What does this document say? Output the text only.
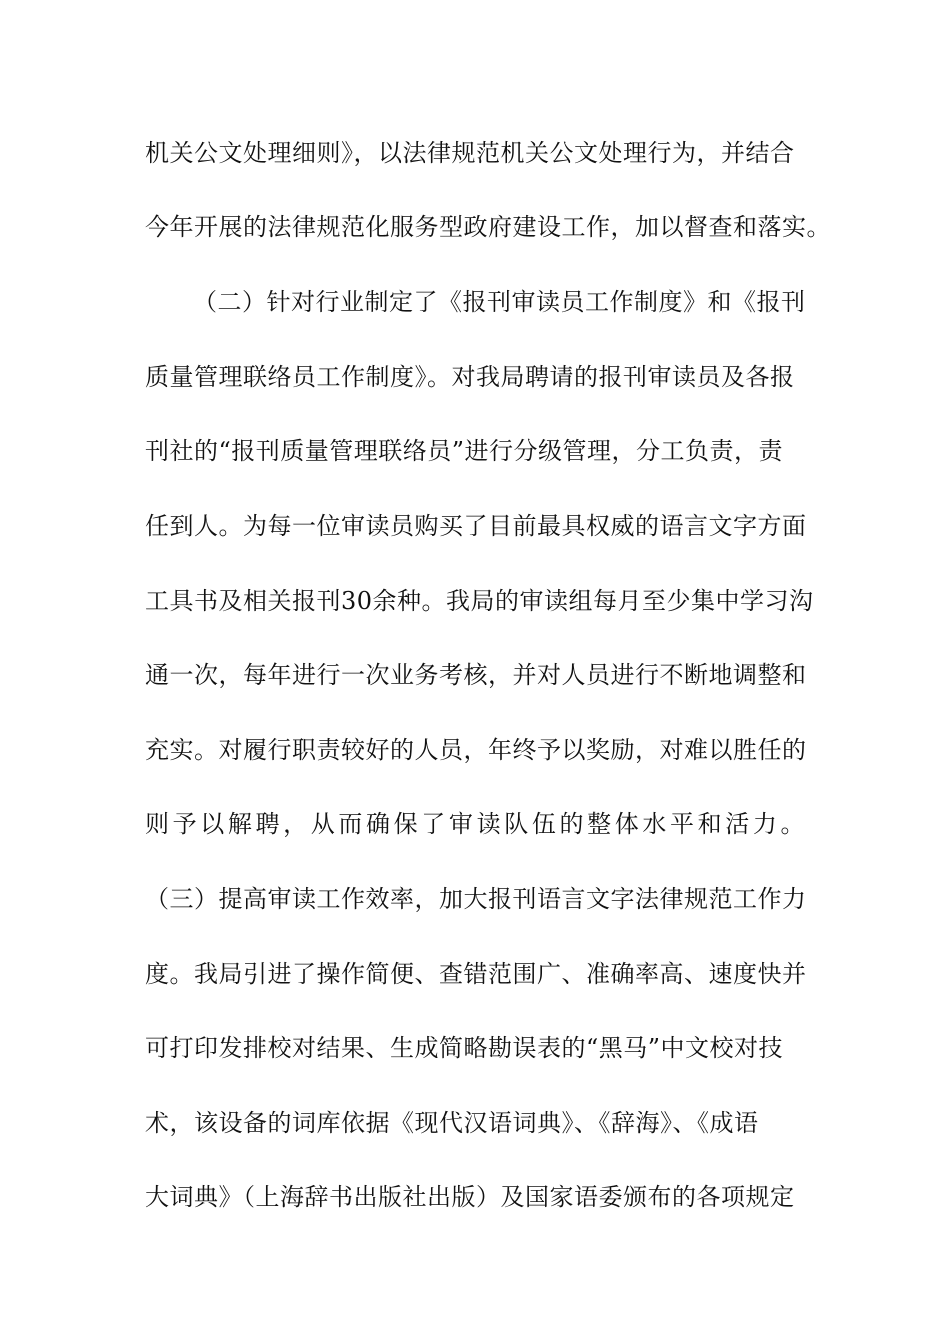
机关公文处理细则》，以法律规范机关公文处理行为，并结合
今年开展的法律规范化服务型政府建设工作，加以督查和落实。
（二）针对行业制定了《报刊审读员工作制度》和《报刊
质量管理联络员工作制度》。对我局聘请的报刊审读员及各报
刊社的“报刊质量管理联络员”进行分级管理，分工负责，责
任到人。为每一位审读员购买了目前最具权威的语言文字方面
工具书及相关报刊30余种。我局的审读组每月至少集中学习沟
通一次，每年进行一次业务考核，并对人员进行不断地调整和
充实。对履行职责较好的人员，年终予以奖励，对难以胜任的
则予以解聘，从而确保了审读队伍的整体水平和活力。
（三）提高审读工作效率，加大报刊语言文字法律规范工作力
度。我局引进了操作简便、查错范围广、准确率高、速度快并
可打印发排校对结果、生成简略勘误表的“黑马”中文校对技
术，该设备的词库依据《现代汉语词典》、《辞海》、《成语
大词典》（上海辞书出版社出版）及国家语委颁布的各项规定
